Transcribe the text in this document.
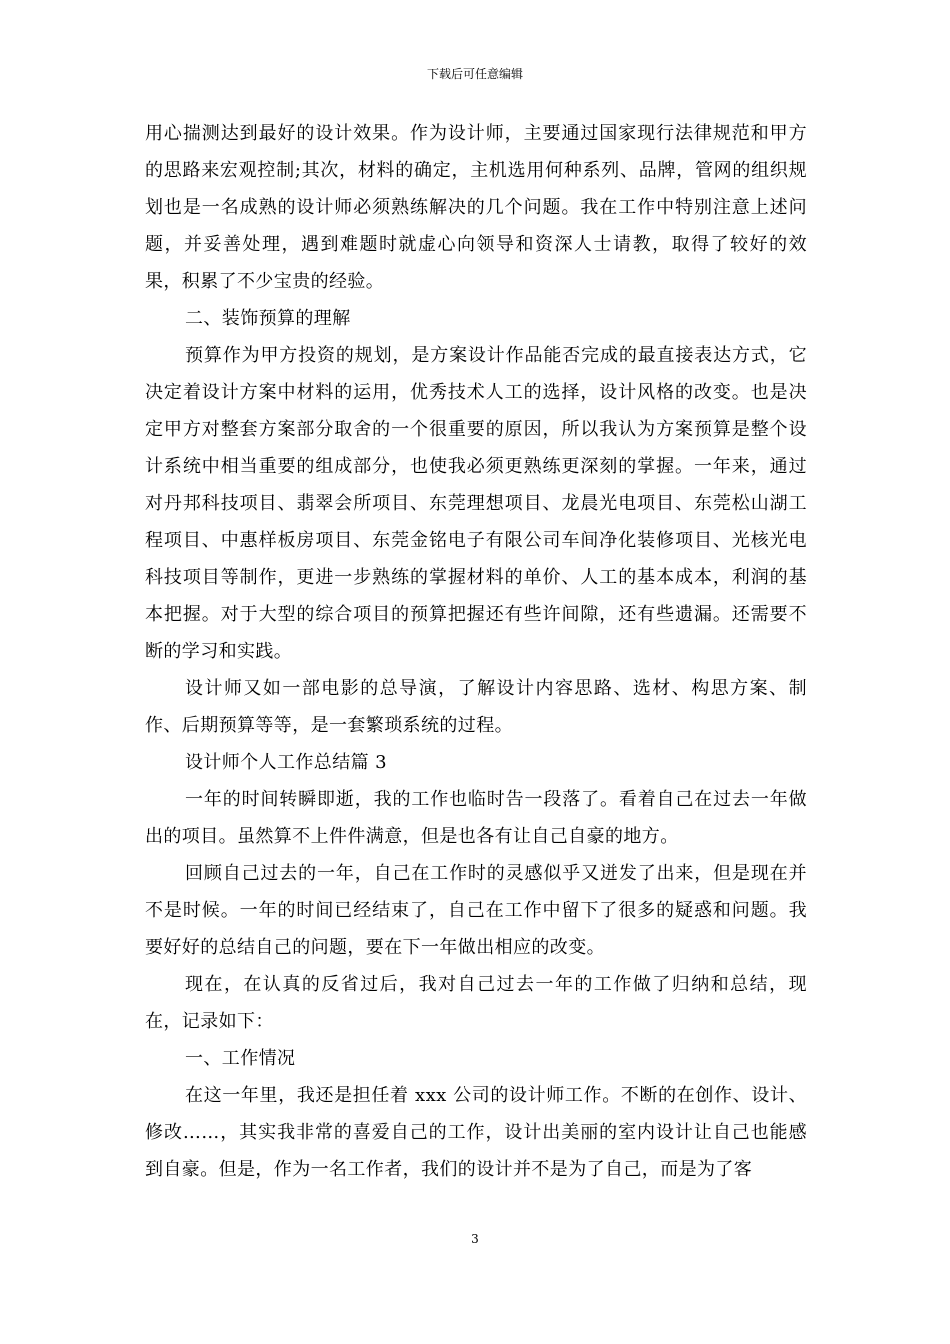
下载后可任意编辑

用心揣测达到最好的设计效果。作为设计师，主要通过国家现行法律规范和甲方的思路来宏观控制;其次，材料的确定，主机选用何种系列、品牌，管网的组织规划也是一名成熟的设计师必须熟练解决的几个问题。我在工作中特别注意上述问题，并妥善处理，遇到难题时就虚心向领导和资深人士请教，取得了较好的效果，积累了不少宝贵的经验。

二、装饰预算的理解

预算作为甲方投资的规划，是方案设计作品能否完成的最直接表达方式，它决定着设计方案中材料的运用，优秀技术人工的选择，设计风格的改变。也是决定甲方对整套方案部分取舍的一个很重要的原因，所以我认为方案预算是整个设计系统中相当重要的组成部分，也使我必须更熟练更深刻的掌握。一年来，通过对丹邦科技项目、翡翠会所项目、东莞理想项目、龙晨光电项目、东莞松山湖工程项目、中惠样板房项目、东莞金铭电子有限公司车间净化装修项目、光核光电科技项目等制作，更进一步熟练的掌握材料的单价、人工的基本成本，利润的基本把握。对于大型的综合项目的预算把握还有些许间隙，还有些遗漏。还需要不断的学习和实践。

设计师又如一部电影的总导演，了解设计内容思路、选材、构思方案、制作、后期预算等等，是一套繁琐系统的过程。

设计师个人工作总结篇 3

一年的时间转瞬即逝，我的工作也临时告一段落了。看着自己在过去一年做出的项目。虽然算不上件件满意，但是也各有让自己自豪的地方。

回顾自己过去的一年，自己在工作时的灵感似乎又迸发了出来，但是现在并不是时候。一年的时间已经结束了，自己在工作中留下了很多的疑惑和问题。我要好好的总结自己的问题，要在下一年做出相应的改变。

现在，在认真的反省过后，我对自己过去一年的工作做了归纳和总结，现在，记录如下：

一、工作情况

在这一年里，我还是担任着 xxx 公司的设计师工作。不断的在创作、设计、修改……，其实我非常的喜爱自己的工作，设计出美丽的室内设计让自己也能感到自豪。但是，作为一名工作者，我们的设计并不是为了自己，而是为了客

3
